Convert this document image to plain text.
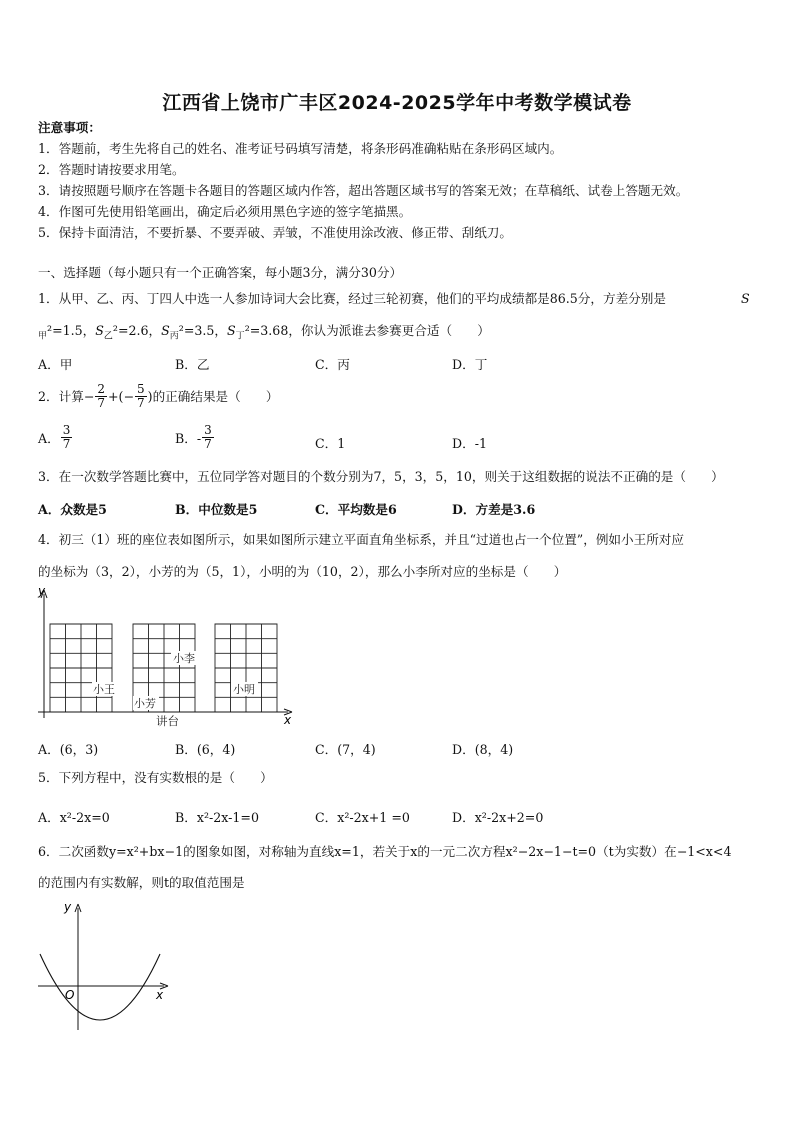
江西省上饶市广丰区2024-2025学年中考数学模试卷
注意事项：
1．答题前，考生先将自己的姓名、准考证号码填写清楚，将条形码准确粘贴在条形码区域内。
2．答题时请按要求用笔。
3．请按照题号顺序在答题卡各题目的答题区域内作答，超出答题区域书写的答案无效；在草稿纸、试卷上答题无效。
4．作图可先使用铅笔画出，确定后必须用黑色字迹的签字笔描黑。
5．保持卡面清洁，不要折暴、不要弄破、弄皱，不准使用涂改液、修正带、刮纸刀。
一、选择题（每小题只有一个正确答案，每小题3分，满分30分）
1．从甲、乙、丙、丁四人中选一人参加诗词大会比赛，经过三轮初赛，他们的平均成绩都是86.5分，方差分别是
$_甲$²=1.5，$S_乙^2=2.6$，$S_丙^2=3.5$，$S_丁^2=3.68$，你认为派谁去参赛更合适（　　）
S
A．甲	B．乙	C．丙	D．丁
2．计算− $\frac{2}{7}$ +(− $\frac{5}{7}$ )的正确结果是（　　）
A． $\frac{3}{7}$	B．- $\frac{3}{7}$	C．1	D．-1
3．在一次数学答题比赛中，五位同学答对题目的个数分别为7，5，3，5，10，则关于这组数据的说法不正确的是（　　）
A．众数是5	B．中位数是5	C．平均数是6	D．方差是3.6
4．初三（1）班的座位表如图所示，如果如图所示建立平面直角坐标系，并且“过道也占一个位置”，例如小王所对应
的坐标为（3，2），小芳的为（5，1），小明的为（10，2），那么小李所对应的坐标是（　　）
y
x
小王
小芳
小李
小明
讲台
A．(6，3)	B．(6，4)	C．(7，4)	D．(8，4)
5．下列方程中，没有实数根的是（　　）
A．x²-2x=0	B．x²-2x-1=0	C．x²-2x+1 =0	D．x²-2x+2=0
6．二次函数y=x²+bx−1的图象如图，对称轴为直线x=1，若关于x的一元二次方程x²−2x−1−t=0（t为实数）在−1<x<4
的范围内有实数解，则t的取值范围是
y
x
O
